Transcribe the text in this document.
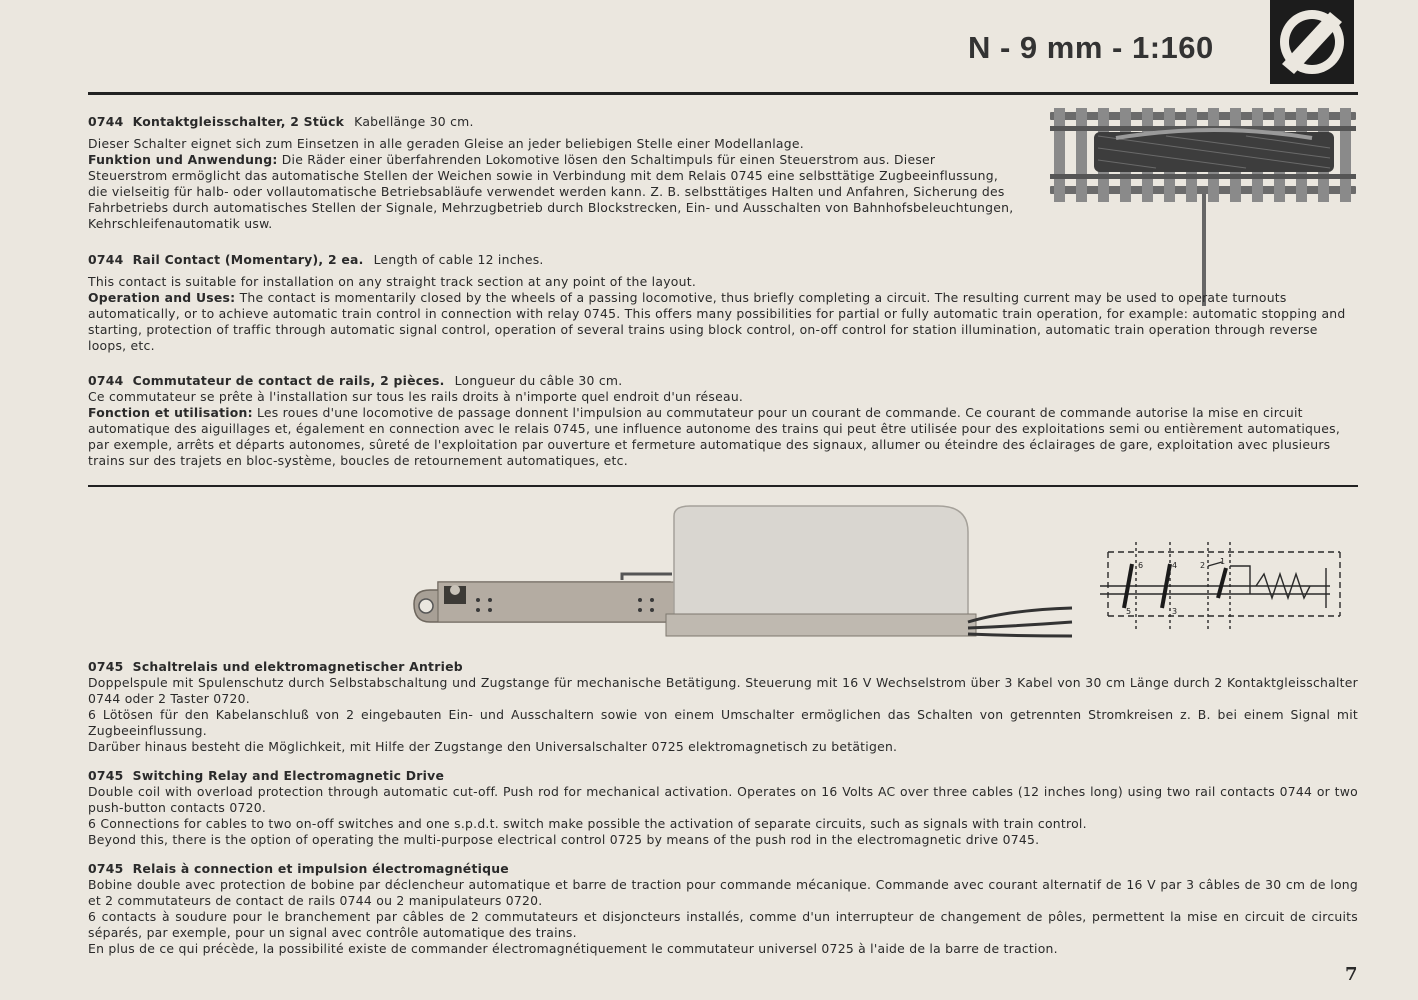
N - 9 mm - 1:160
0744 Kontaktgleisschalter, 2 Stück Kabellänge 30 cm.

Dieser Schalter eignet sich zum Einsetzen in alle geraden Gleise an jeder beliebigen Stelle einer Modellanlage.

Funktion und Anwendung: Die Räder einer überfahrenden Lokomotive lösen den Schaltimpuls für einen Steuerstrom aus. Dieser Steuerstrom ermöglicht das automatische Stellen der Weichen sowie in Verbindung mit dem Relais 0745 eine selbsttätige Zugbeeinflussung, die vielseitig für halb- oder vollautomatische Betriebsabläufe verwendet werden kann. Z. B. selbsttätiges Halten und Anfahren, Sicherung des Fahrbetriebs durch automatisches Stellen der Signale, Mehrzugbetrieb durch Blockstrecken, Ein- und Ausschalten von Bahnhofsbeleuchtungen, Kehrschleifenautomatik usw.

0744 Rail Contact (Momentary), 2 ea. Length of cable 12 inches.

This contact is suitable for installation on any straight track section at any point of the layout.

Operation and Uses: The contact is momentarily closed by the wheels of a passing locomotive, thus briefly completing a circuit. The resulting current may be used to operate turnouts automatically, or to achieve automatic train control in connection with relay 0745. This offers many possibilities for partial or fully automatic train operation, for example: automatic stopping and starting, protection of traffic through automatic signal control, operation of several trains using block control, on-off control for station illumination, automatic train operation through reverse loops, etc.

0744 Commutateur de contact de rails, 2 pièces. Longueur du câble 30 cm.

Ce commutateur se prête à l'installation sur tous les rails droits à n'importe quel endroit d'un réseau.

Fonction et utilisation: Les roues d'une locomotive de passage donnent l'impulsion au commutateur pour un courant de commande. Ce courant de commande autorise la mise en circuit automatique des aiguillages et, également en connection avec le relais 0745, une influence autonome des trains qui peut être utilisée pour des exploitations semi ou entièrement automatiques, par exemple, arrêts et départs autonomes, sûreté de l'exploitation par ouverture et fermeture automatique des signaux, allumer ou éteindre des éclairages de gare, exploitation avec plusieurs trains sur des trajets en bloc-système, boucles de retournement automatiques, etc.

6	4	2 1
5	3
0745 Schaltrelais und elektromagnetischer Antrieb

Doppelspule mit Spulenschutz durch Selbstabschaltung und Zugstange für mechanische Betätigung. Steuerung mit 16 V Wechselstrom über 3 Kabel von 30 cm Länge durch 2 Kontaktgleisschalter 0744 oder 2 Taster 0720.

6 Lötösen für den Kabelanschluß von 2 eingebauten Ein- und Ausschaltern sowie von einem Umschalter ermöglichen das Schalten von getrennten Stromkreisen z. B. bei einem Signal mit Zugbeeinflussung.

Darüber hinaus besteht die Möglichkeit, mit Hilfe der Zugstange den Universalschalter 0725 elektromagnetisch zu betätigen.

0745 Switching Relay and Electromagnetic Drive

Double coil with overload protection through automatic cut-off. Push rod for mechanical activation. Operates on 16 Volts AC over three cables (12 inches long) using two rail contacts 0744 or two push-button contacts 0720.

6 Connections for cables to two on-off switches and one s.p.d.t. switch make possible the activation of separate circuits, such as signals with train control.

Beyond this, there is the option of operating the multi-purpose electrical control 0725 by means of the push rod in the electromagnetic drive 0745.

0745 Relais à connection et impulsion électromagnétique

Bobine double avec protection de bobine par déclencheur automatique et barre de traction pour commande mécanique. Commande avec courant alternatif de 16 V par 3 câbles de 30 cm de long et 2 commutateurs de contact de rails 0744 ou 2 manipulateurs 0720.

6 contacts à soudure pour le branchement par câbles de 2 commutateurs et disjoncteurs installés, comme d'un interrupteur de changement de pôles, permettent la mise en circuit de circuits séparés, par exemple, pour un signal avec contrôle automatique des trains.

En plus de ce qui précède, la possibilité existe de commander électromagnétiquement le commutateur universel 0725 à l'aide de la barre de traction.

7
